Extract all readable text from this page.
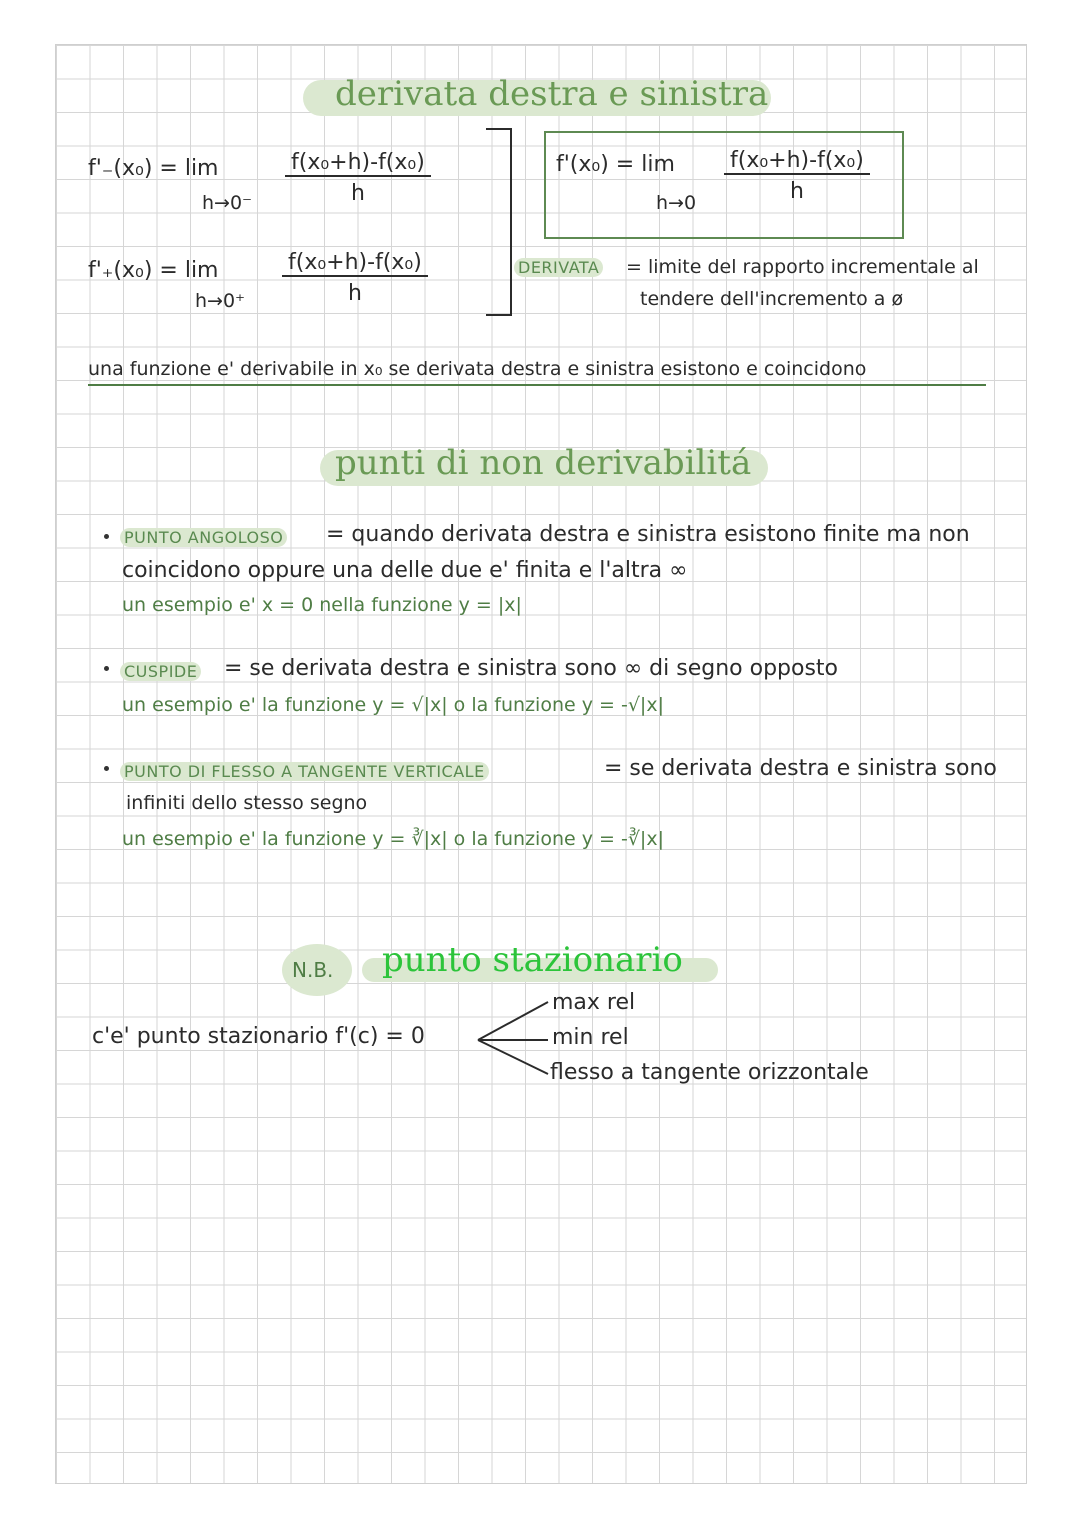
derivata destra e sinistra
f'₋(x₀) = lim
$h\to 0^- \frac{\text{f(x₀+h)-f(x₀)}}{h}$
f'₊(x₀) = lim
$h\to 0^+ \frac{\text{f(x₀+h)-f(x₀)}}{h}$
f'(x₀) = lim
$h\to 0 \frac{\text{f(x₀+h)-f(x₀)}}{h}$
DERIVATA = limite del rapporto incrementale al
tendere dell'incremento a ø
una funzione e' derivabile in x₀ se derivata destra e sinistra esistono e coincidono
punti di non derivabilitá
PUNTO ANGOLOSO = quando derivata destra e sinistra esistono finite ma non
coincidono oppure una delle due e' finita e l'altra ∞
un esempio e' x = 0 nella funzione y = |x|
CUSPIDE = se derivata destra e sinistra sono ∞ di segno opposto
un esempio e' la funzione y = √|x| o la funzione y = -√|x|
PUNTO DI FLESSO A TANGENTE VERTICALE	= se derivata destra e sinistra sono
infiniti dello stesso segno
un esempio e' la funzione y = ∛|x| o la funzione y = -∛|x|
N.B. punto stazionario
c'e' punto stazionario f'(c) = 0
max rel
min rel
flesso a tangente orizzontale
